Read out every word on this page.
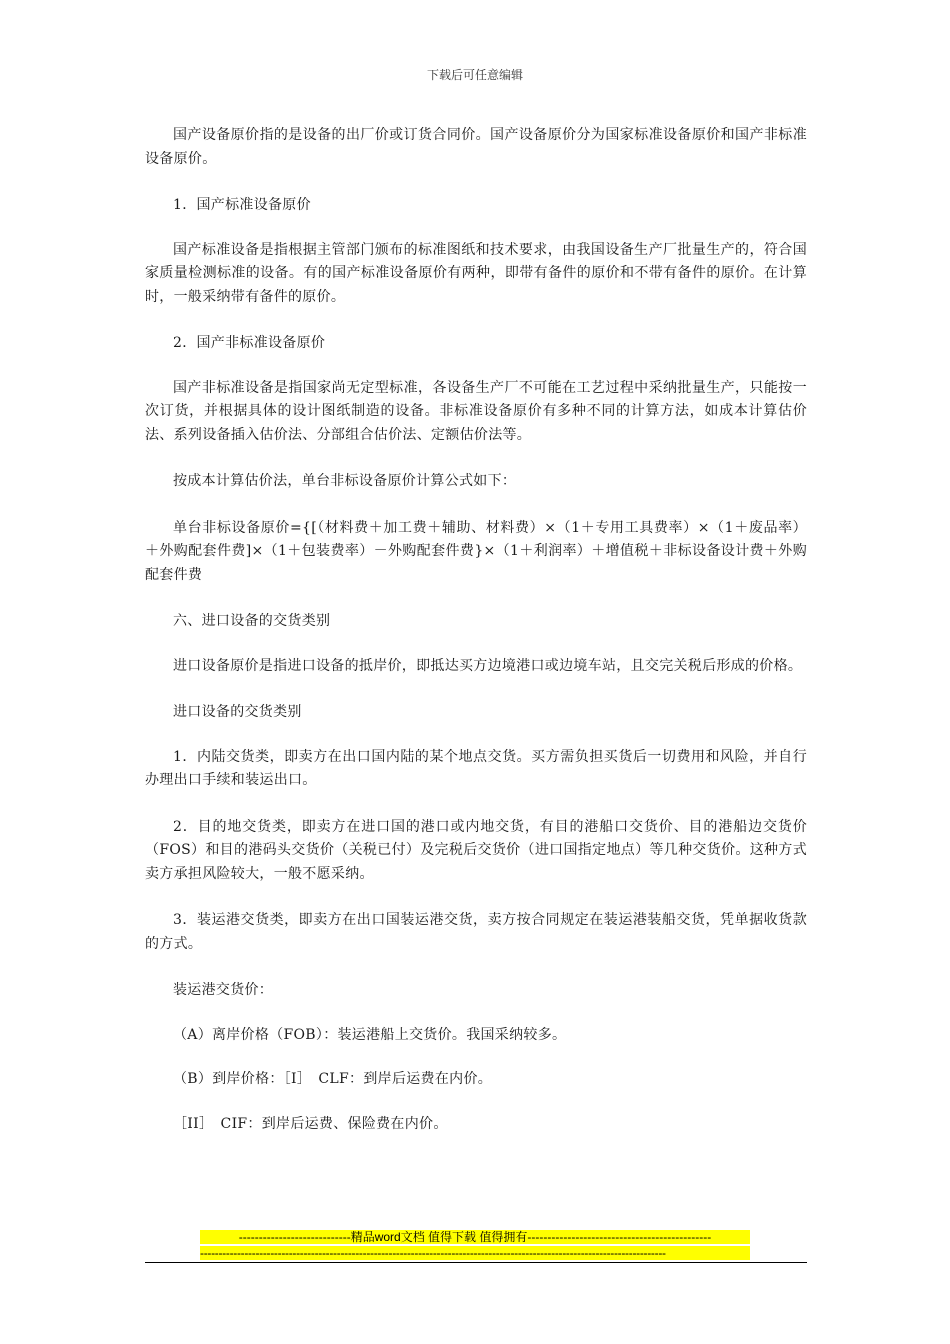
下载后可任意编辑

国产设备原价指的是设备的出厂价或订货合同价。国产设备原价分为国家标准设备原价和国产非标准设备原价。

1．国产标准设备原价

国产标准设备是指根据主管部门颁布的标准图纸和技术要求，由我国设备生产厂批量生产的，符合国家质量检测标准的设备。有的国产标准设备原价有两种，即带有备件的原价和不带有备件的原价。在计算时，一般采纳带有备件的原价。

2．国产非标准设备原价

国产非标准设备是指国家尚无定型标准，各设备生产厂不可能在工艺过程中采纳批量生产，只能按一次订货，并根据具体的设计图纸制造的设备。非标准设备原价有多种不同的计算方法，如成本计算估价法、系列设备插入估价法、分部组合估价法、定额估价法等。

按成本计算估价法，单台非标设备原价计算公式如下：

单台非标设备原价={[（材料费＋加工费＋辅助、材料费）×（1＋专用工具费率）×（1＋废品率）＋外购配套件费]×（1＋包装费率）－外购配套件费}×（1＋利润率）＋增值税＋非标设备设计费＋外购配套件费

六、进口设备的交货类别

进口设备原价是指进口设备的抵岸价，即抵达买方边境港口或边境车站，且交完关税后形成的价格。

进口设备的交货类别

1．内陆交货类，即卖方在出口国内陆的某个地点交货。买方需负担买货后一切费用和风险，并自行办理出口手续和装运出口。

2．目的地交货类，即卖方在进口国的港口或内地交货，有目的港船口交货价、目的港船边交货价（FOS）和目的港码头交货价（关税已付）及完税后交货价（进口国指定地点）等几种交货价。这种方式卖方承担风险较大，一般不愿采纳。

3．装运港交货类，即卖方在出口国装运港交货，卖方按合同规定在装运港装船交货，凭单据收货款的方式。

装运港交货价：

（A）离岸价格（FOB）：装运港船上交货价。我国采纳较多。

（B）到岸价格：［I］　CLF：到岸后运费在内价。

［II］　CIF：到岸后运费、保险费在内价。

----------------------------精品word文档 值得下载 值得拥有----------------------------------------------
------------------------------------------------------------------------------------------------------------------------------
